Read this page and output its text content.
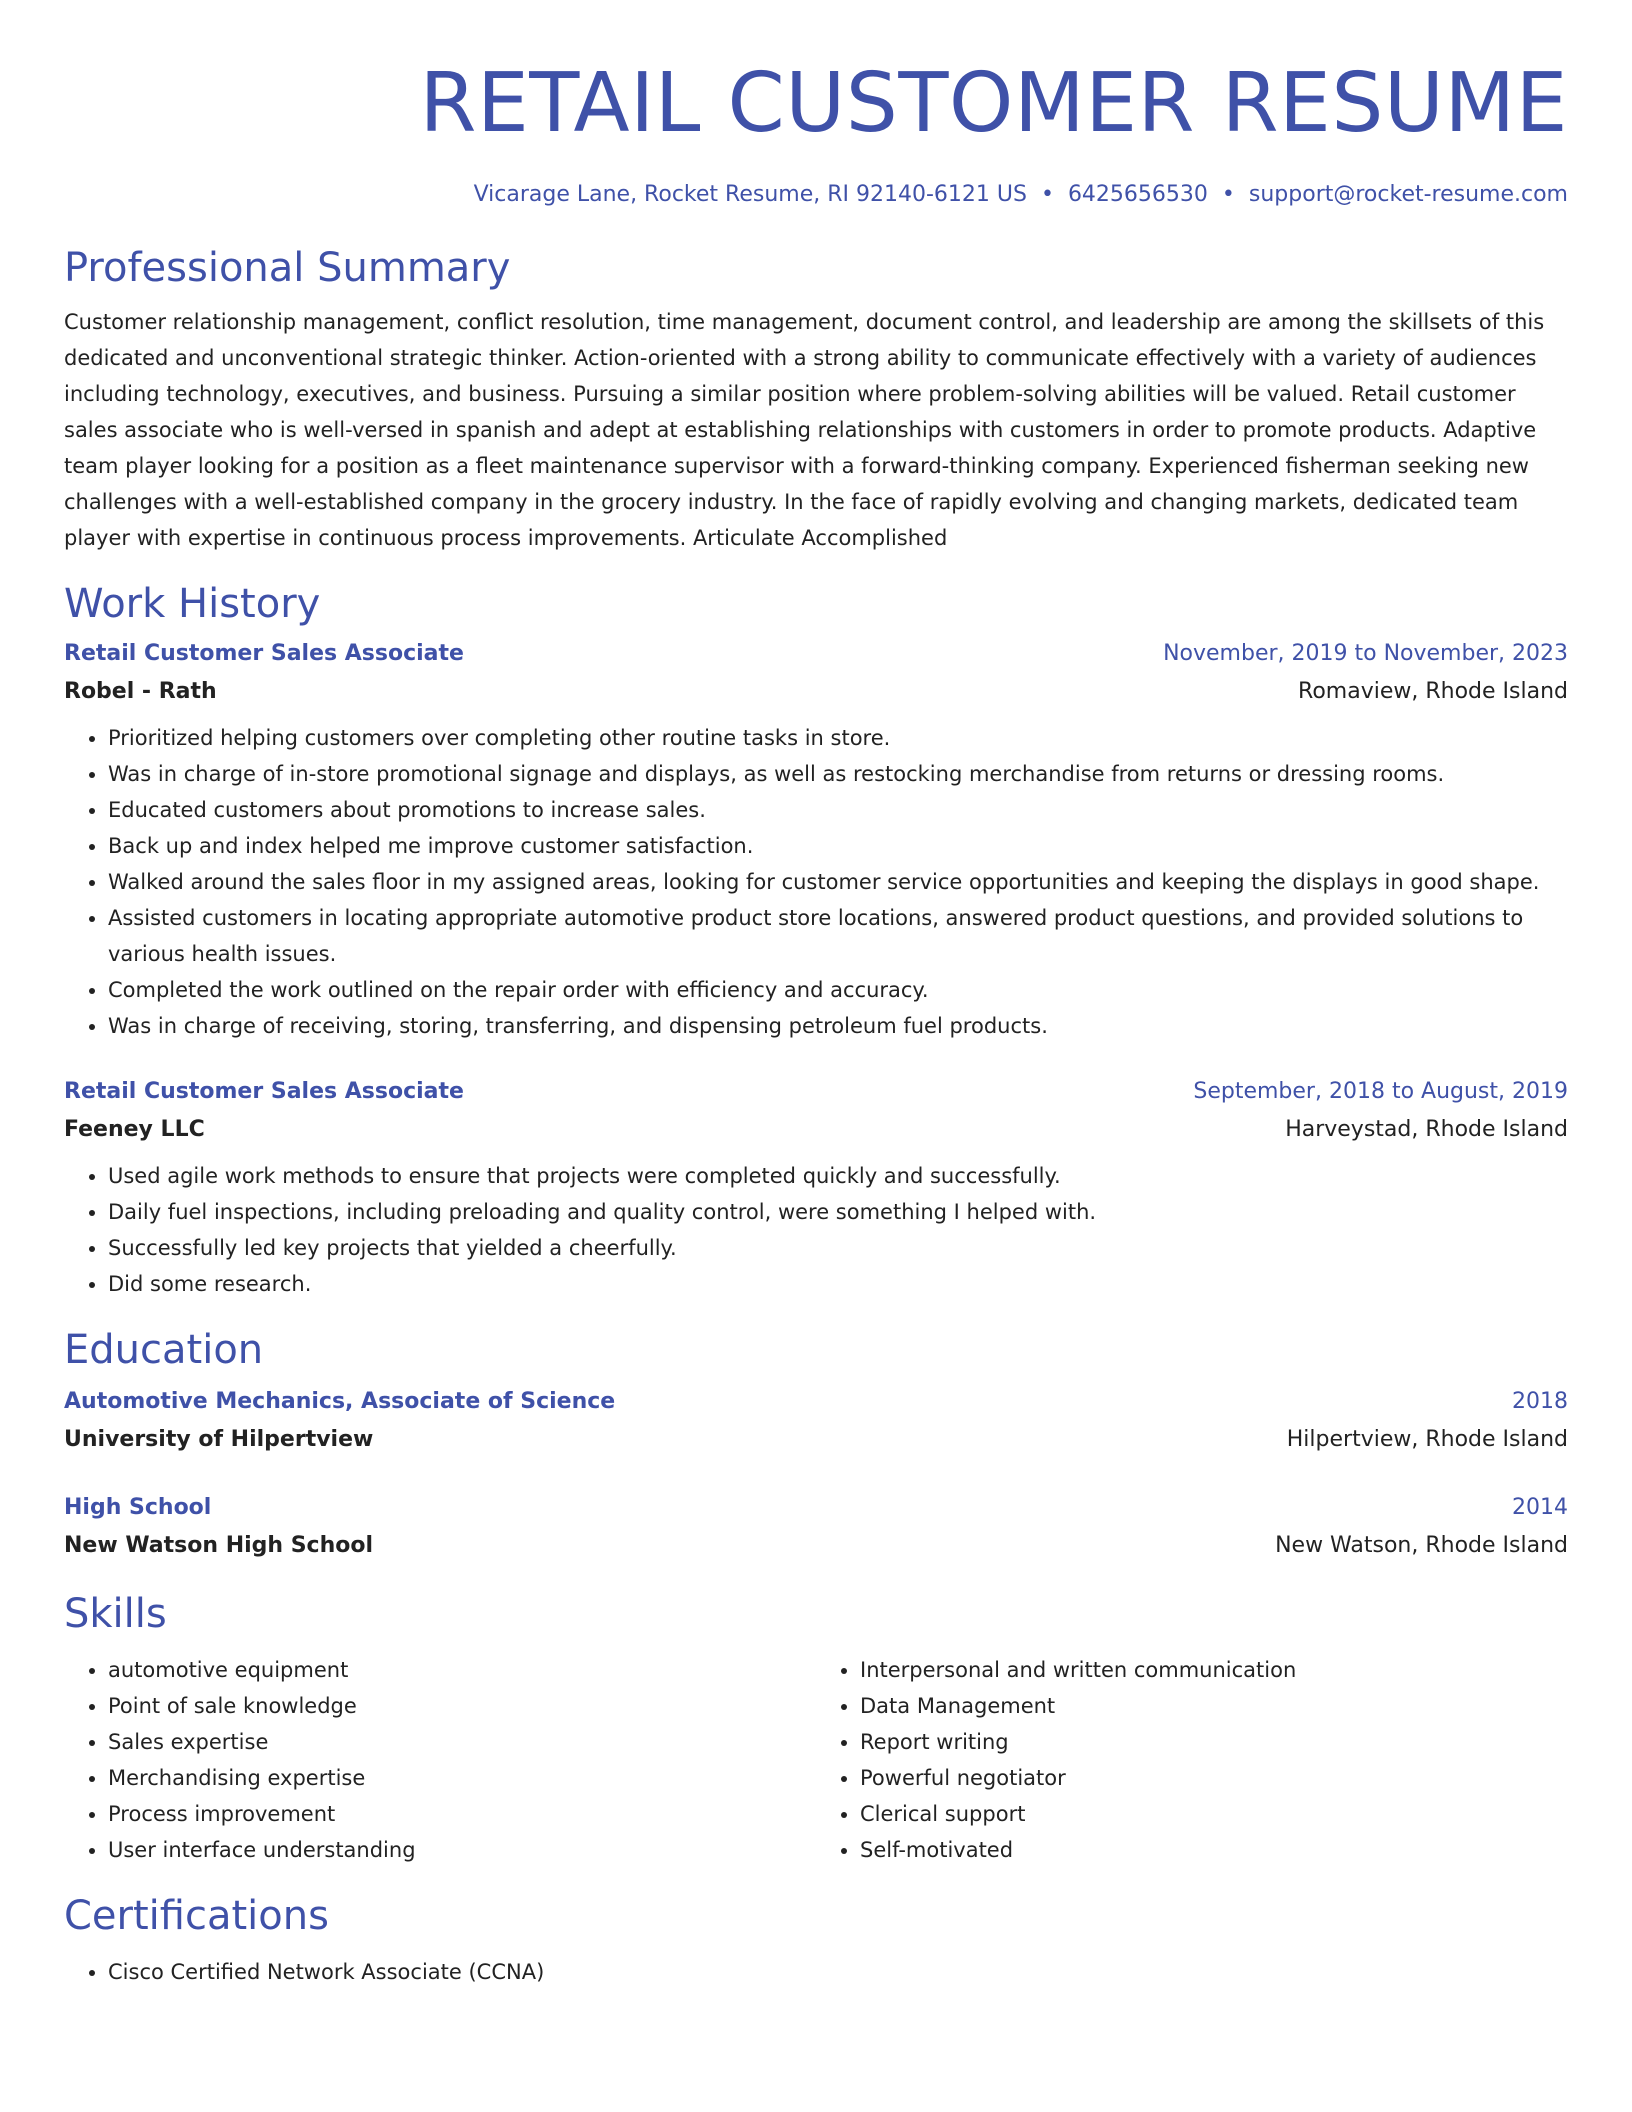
RETAIL CUSTOMER RESUME
Vicarage Lane, Rocket Resume, RI 92140-6121 US • 6425656530 • support@rocket-resume.com
Professional Summary

Customer relationship management, conflict resolution, time management, document control, and leadership are among the skillsets of this dedicated and unconventional strategic thinker. Action-oriented with a strong ability to communicate effectively with a variety of audiences including technology, executives, and business. Pursuing a similar position where problem-solving abilities will be valued. Retail customer sales associate who is well-versed in spanish and adept at establishing relationships with customers in order to promote products. Adaptive team player looking for a position as a fleet maintenance supervisor with a forward-thinking company. Experienced fisherman seeking new challenges with a well-established company in the grocery industry. In the face of rapidly evolving and changing markets, dedicated team player with expertise in continuous process improvements. Articulate Accomplished

Work History
Retail Customer Sales Associate	November, 2019 to November, 2023
Robel - Rath	Romaview, Rhode Island
• Prioritized helping customers over completing other routine tasks in store.
• Was in charge of in-store promotional signage and displays, as well as restocking merchandise from returns or dressing rooms.
• Educated customers about promotions to increase sales.
• Back up and index helped me improve customer satisfaction.
• Walked around the sales floor in my assigned areas, looking for customer service opportunities and keeping the displays in good shape.
• Assisted customers in locating appropriate automotive product store locations, answered product questions, and provided solutions to various health issues.
• Completed the work outlined on the repair order with efficiency and accuracy.
• Was in charge of receiving, storing, transferring, and dispensing petroleum fuel products.
Retail Customer Sales Associate	September, 2018 to August, 2019
Feeney LLC	Harveystad, Rhode Island
• Used agile work methods to ensure that projects were completed quickly and successfully.
• Daily fuel inspections, including preloading and quality control, were something I helped with.
• Successfully led key projects that yielded a cheerfully.
• Did some research.
Education
Automotive Mechanics, Associate of Science	2018
University of Hilpertview	Hilpertview, Rhode Island
High School	2014
New Watson High School	New Watson, Rhode Island
Skills
• automotive equipment
• Point of sale knowledge
• Sales expertise
• Merchandising expertise
• Process improvement
• User interface understanding
• Interpersonal and written communication
• Data Management
• Report writing
• Powerful negotiator
• Clerical support
• Self-motivated
Certifications
• Cisco Certified Network Associate (CCNA)
